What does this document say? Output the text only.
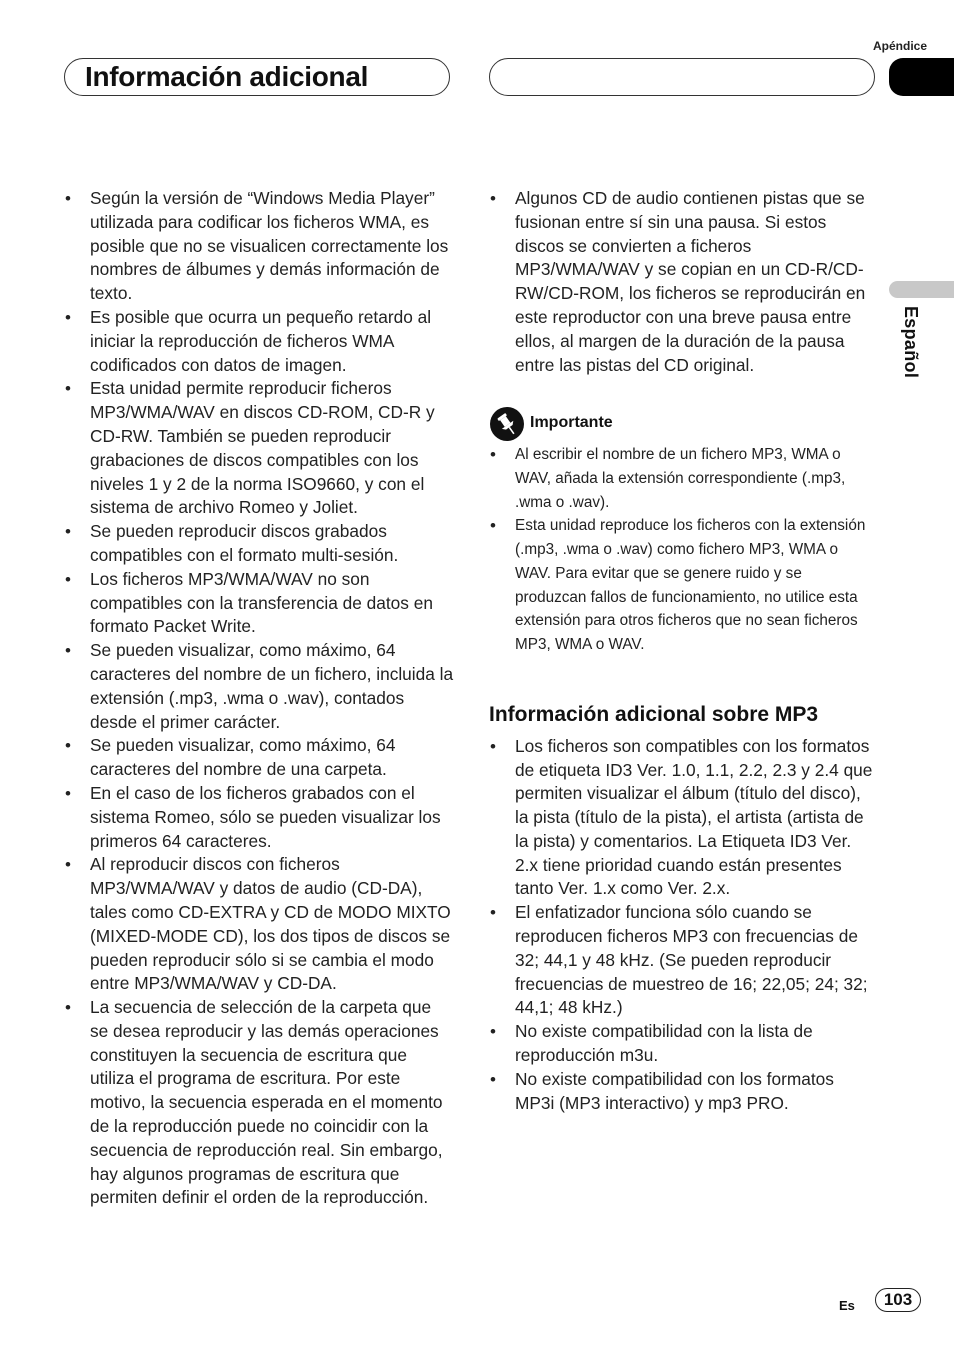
Apéndice
Información adicional
Español
• Según la versión de “Windows Media Player” utilizada para codificar los ficheros WMA, es posible que no se visualicen correctamente los nombres de álbumes y demás información de texto.
• Es posible que ocurra un pequeño retardo al iniciar la reproducción de ficheros WMA codificados con datos de imagen.
• Esta unidad permite reproducir ficheros MP3/WMA/WAV en discos CD-ROM, CD-R y CD-RW. También se pueden reproducir grabaciones de discos compatibles con los niveles 1 y 2 de la norma ISO9660, y con el sistema de archivo Romeo y Joliet.
• Se pueden reproducir discos grabados compatibles con el formato multi-sesión.
• Los ficheros MP3/WMA/WAV no son compatibles con la transferencia de datos en formato Packet Write.
• Se pueden visualizar, como máximo, 64 caracteres del nombre de un fichero, incluida la extensión (.mp3, .wma o .wav), contados desde el primer carácter.
• Se pueden visualizar, como máximo, 64 caracteres del nombre de una carpeta.
• En el caso de los ficheros grabados con el sistema Romeo, sólo se pueden visualizar los primeros 64 caracteres.
• Al reproducir discos con ficheros MP3/WMA/WAV y datos de audio (CD-DA), tales como CD-EXTRA y CD de MODO MIXTO (MIXED-MODE CD), los dos tipos de discos se pueden reproducir sólo si se cambia el modo entre MP3/WMA/WAV y CD-DA.
• La secuencia de selección de la carpeta que se desea reproducir y las demás operaciones constituyen la secuencia de escritura que utiliza el programa de escritura. Por este motivo, la secuencia esperada en el momento de la reproducción puede no coincidir con la secuencia de reproducción real. Sin embargo, hay algunos programas de escritura que permiten definir el orden de la reproducción.
• Algunos CD de audio contienen pistas que se fusionan entre sí sin una pausa. Si estos discos se convierten a ficheros MP3/WMA/WAV y se copian en un CD-R/CD-RW/CD-ROM, los ficheros se reproducirán en este reproductor con una breve pausa entre ellos, al margen de la duración de la pausa entre las pistas del CD original.
Importante
• Al escribir el nombre de un fichero MP3, WMA o WAV, añada la extensión correspondiente (.mp3, .wma o .wav).
• Esta unidad reproduce los ficheros con la extensión (.mp3, .wma o .wav) como fichero MP3, WMA o WAV. Para evitar que se genere ruido y se produzcan fallos de funcionamiento, no utilice esta extensión para otros ficheros que no sean ficheros MP3, WMA o WAV.
Información adicional sobre MP3
• Los ficheros son compatibles con los formatos de etiqueta ID3 Ver. 1.0, 1.1, 2.2, 2.3 y 2.4 que permiten visualizar el álbum (título del disco), la pista (título de la pista), el artista (artista de la pista) y comentarios. La Etiqueta ID3 Ver. 2.x tiene prioridad cuando están presentes tanto Ver. 1.x como Ver. 2.x.
• El enfatizador funciona sólo cuando se reproducen ficheros MP3 con frecuencias de 32; 44,1 y 48 kHz. (Se pueden reproducir frecuencias de muestreo de 16; 22,05; 24; 32; 44,1; 48 kHz.)
• No existe compatibilidad con la lista de reproducción m3u.
• No existe compatibilidad con los formatos MP3i (MP3 interactivo) y mp3 PRO.
Es	103
